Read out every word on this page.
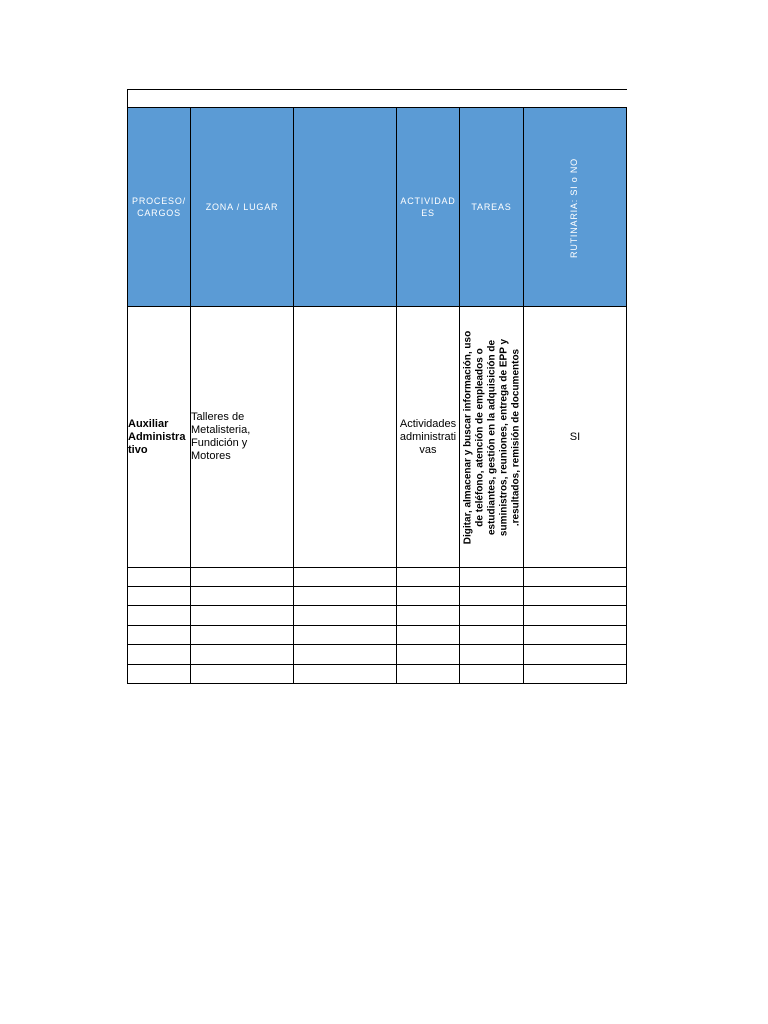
PROCESO/
CARGOS
ZONA / LUGAR
ACTIVIDAD
ES
TAREAS	RUTINARIA: SI o NO
Auxiliar
Administra
tivo
Talleres de
Metalisteria,
Fundición y
Motores
Actividades
administrati
vas
Digitar, almacenar y buscar información, uso
de teléfono, atención de empleados o
estudiantes, gestión en la adquisición de
suministros, reuniones, entrega de EPP y
.resultados, remisión de documentos
SI
